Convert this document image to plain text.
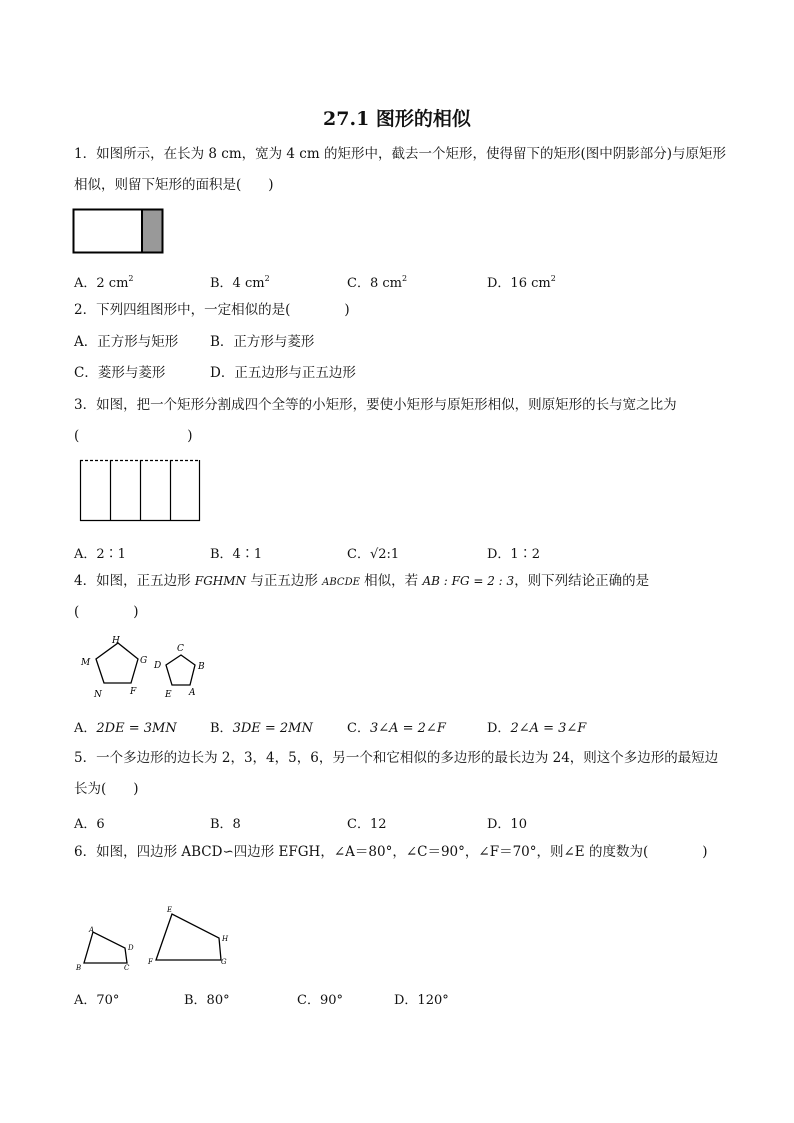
27.1 图形的相似
1．如图所示，在长为 8 cm，宽为 4 cm 的矩形中，截去一个矩形，使得留下的矩形(图中阴影部分)与原矩形
相似，则留下矩形的面积是(　　)
A．2 $cm^2$	B．4 $cm^2$	C．8 $cm^2$	D．16 $cm^2$
2．下列四组图形中，一定相似的是(　　　　)
A．正方形与矩形 B．正方形与菱形
C．菱形与菱形	D．正五边形与正五边形
3．如图，把一个矩形分割成四个全等的小矩形，要使小矩形与原矩形相似，则原矩形的长与宽之比为
(　　　　　　　　)
A．2∶1	B．4∶1	C．√2:1	D．1∶2
4．如图，正五边形 FGHMN 与正五边形 ABCDE 相似，若 AB : FG = 2 : 3，则下列结论正确的是
(　　　　)
H
G
F
N
M
C
B
A
E
D
A．2DE = 3MN	B．3DE = 2MN	C．3∠A = 2∠F	D．2∠A = 3∠F
5．一个多边形的边长为 2，3，4，5，6，另一个和它相似的多边形的最长边为 24，则这个多边形的最短边
长为(　　)
A．6	B．8	C．12	D．10
6．如图，四边形 ABCD∽四边形 EFGH，∠A＝80°，∠C＝90°，∠F＝70°，则∠E 的度数为(　　　　)
A
B	C
D
E
F	G
H
A．70°	B．80°	C．90°	D．120°
